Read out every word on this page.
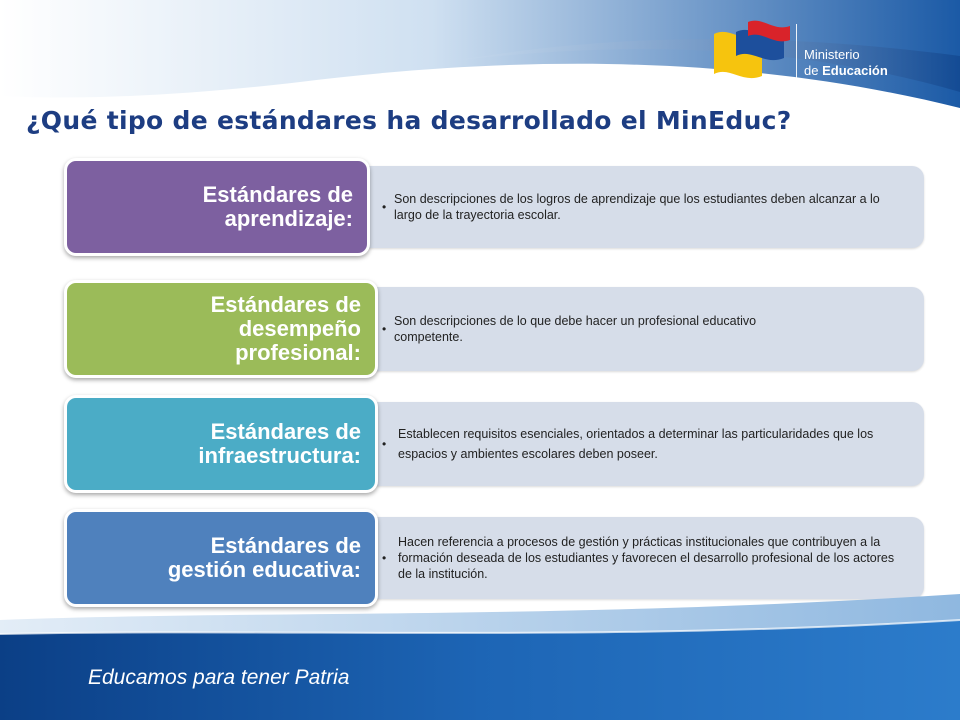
Ministerio
de Educación
¿Qué tipo de estándares ha desarrollado el MinEduc?
•

Son descripciones de los logros de aprendizaje que los estudiantes deben alcanzar a lo largo de la trayectoria escolar.

Estándares de
aprendizaje:
•

Son descripciones de lo que debe hacer un profesional educativo competente.

Estándares de
desempeño
profesional:
•

Establecen requisitos esenciales, orientados a determinar las particularidades que los espacios y ambientes escolares deben poseer.

Estándares de
infraestructura:
•

Hacen referencia a procesos de gestión y prácticas institucionales que contribuyen a la formación deseada de los estudiantes y favorecen el desarrollo profesional de los actores de la institución.

Estándares de
gestión educativa:
Educamos para tener Patria
